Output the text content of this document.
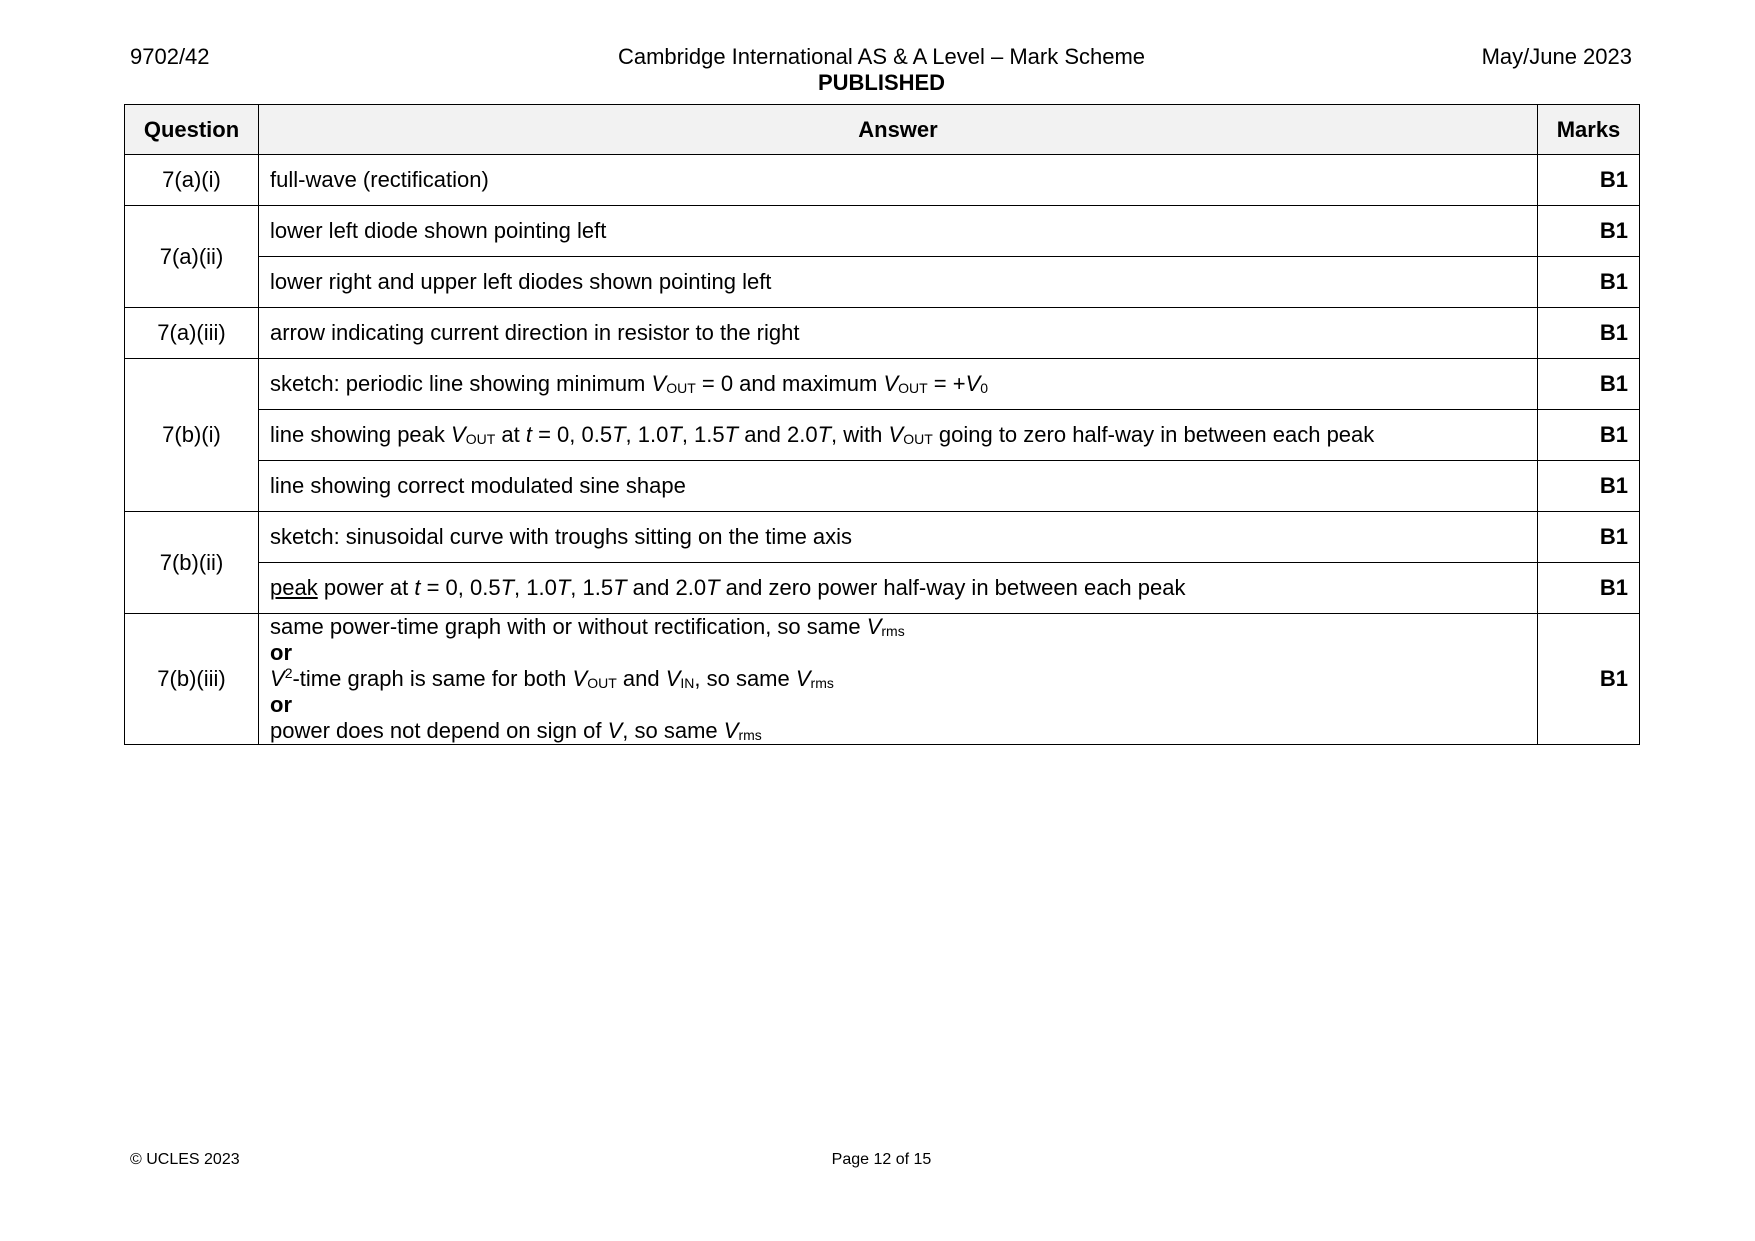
9702/42	Cambridge International AS & A Level – Mark Scheme
PUBLISHED
May/June 2023
Question	Answer	Marks
7(a)(i)	full-wave (rectification)	B1
7(a)(ii)	lower left diode shown pointing left	B1
	lower right and upper left diodes shown pointing left	B1
7(a)(iii)	arrow indicating current direction in resistor to the right	B1
7(b)(i)	sketch: periodic line showing minimum $V_{OUT} = 0$ and maximum $V_{OUT} = +V_0$	B1
	line showing peak $V_{OUT}$ at t = 0, 0.5T, 1.0T, 1.5T and 2.0T, with $V_{OUT}$ going to zero half-way in between each peak	B1
	line showing correct modulated sine shape	B1
7(b)(ii)	sketch: sinusoidal curve with troughs sitting on the time axis	B1
	peak power at t = 0, 0.5T, 1.0T, 1.5T and 2.0T and zero power half-way in between each peak	B1
7(b)(iii)	same power-time graph with or without rectification, so same $V_{rms}$
or
$V^2$-time graph is same for both $V_{OUT}$ and $V_{IN}$, so same $V_{rms}$
or
power does not depend on sign of V, so same $V_{rms}$	B1
© UCLES 2023	Page 12 of 15
